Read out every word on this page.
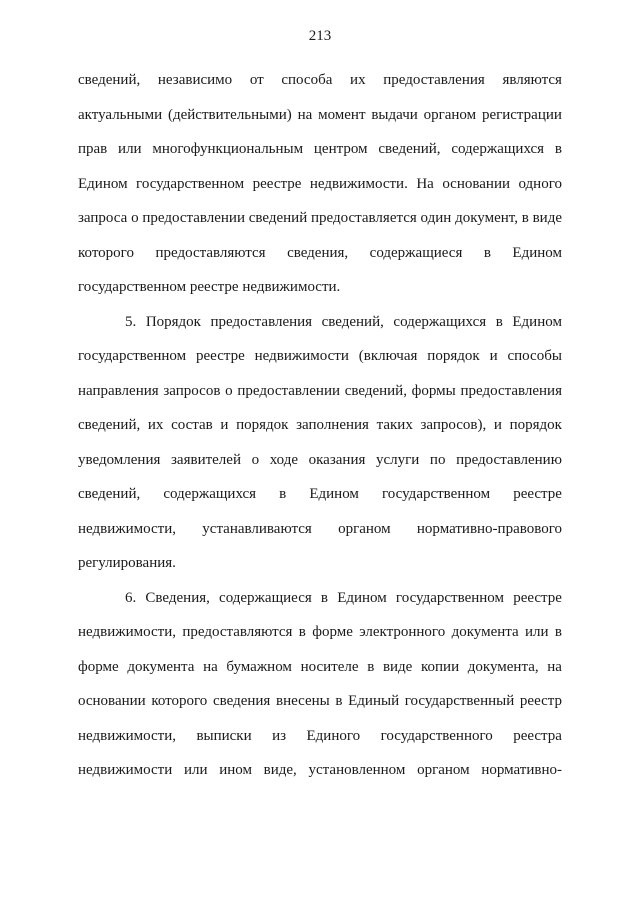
213
сведений, независимо от способа их предоставления являются
актуальными (действительными) на момент выдачи органом регистрации
прав или многофункциональным центром сведений, содержащихся в
Едином государственном реестре недвижимости. На основании одного
запроса о предоставлении сведений предоставляется один документ, в виде
которого предоставляются сведения, содержащиеся в Едином
государственном реестре недвижимости.
5. Порядок предоставления сведений, содержащихся в Едином
государственном реестре недвижимости (включая порядок и способы
направления запросов о предоставлении сведений, формы предоставления
сведений, их состав и порядок заполнения таких запросов), и порядок
уведомления заявителей о ходе оказания услуги по предоставлению
сведений, содержащихся в Едином государственном реестре
недвижимости, устанавливаются органом нормативно-правового
регулирования.
6. Сведения, содержащиеся в Едином государственном реестре
недвижимости, предоставляются в форме электронного документа или в
форме документа на бумажном носителе в виде копии документа, на
основании которого сведения внесены в Единый государственный реестр
недвижимости, выписки из Единого государственного реестра
недвижимости или ином виде, установленном органом нормативно-
